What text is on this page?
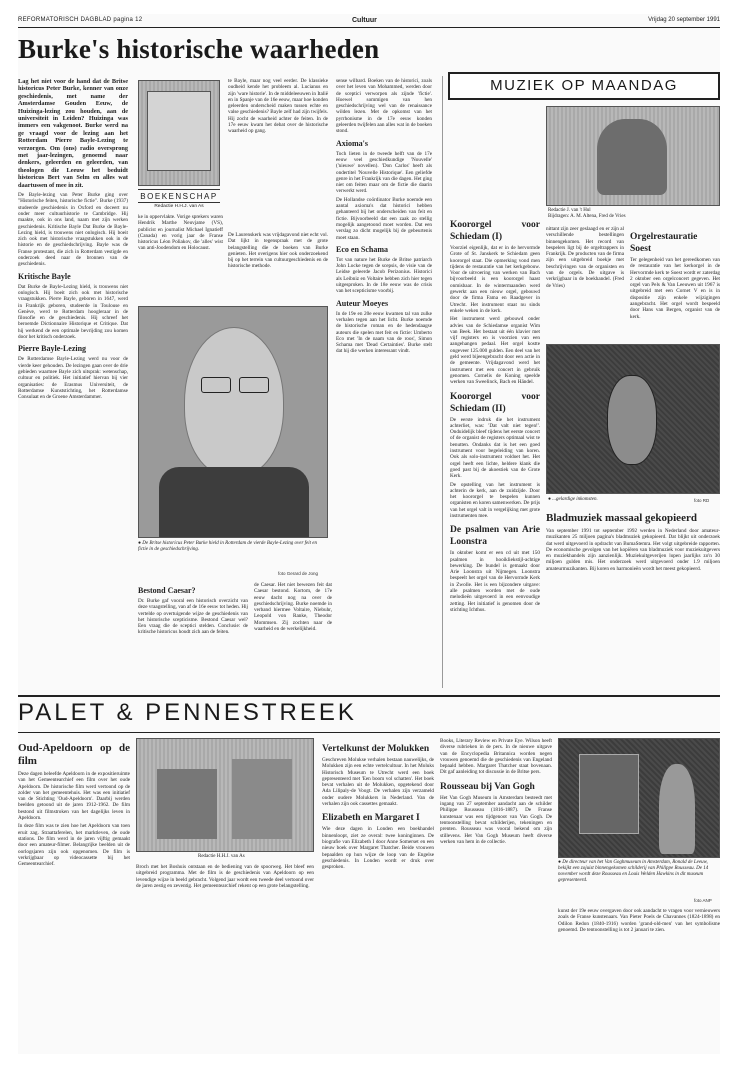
REFORMATORISCH DAGBLAD pagina 12	Cultuur	Vrijdag 20 september 1991
Burke's historische waarheden

Lag het niet voor de hand dat de Britse historicus Peter Burke, kenner van onze geschiedenis, met name der Amsterdamse Gouden Eeuw, de Huizinga-lezing zou houden, aan de universiteit in Leiden? Huizinga was immers een vakgenoot. Burke werd na ge vraagd voor de lezing aan het Rotterdam Pierre Bayle-Lezing te verzorgen. Om (ons) radio oversprong met jaar-lezingen, genoemd naar denkers, geleerden en geleerden, van theologen die Leeuw het beduidt historicus Bert van Selm en alles wat daartussen of mee in zit.

De Bayle-lezing van Peter Burke ging over "Historische feiten, historische fictie". Burke (1937) studeerde geschiedenis in Oxford en doceert nu onder meer cultuurhistorie te Cambridge. Hij maakte, ook in ons land, naam met zijn werken geschiedenis. Kritische Bayle Dat Burke de Bayle-Lezing hield, is trouwens niet onlogisch. Hij boeit zich ook met historische vraagstukken ook in de historie en de geschiedschrijving. Bayle was de Franse protestant, die zich in Rotterdam vestigde en onderzoek deed naar de bronnen van de geschiedenis.

Kritische Bayle

Dat Burke de Bayle-Lezing hield, is trouwens niet onlogisch. Hij boeit zich ook met historische vraagstukken. Pierre Bayle, geboren in 1647, werd in Frankrijk geboren, studeerde in Toulouse en Genève, werd te Rotterdam hoogleraar in de filosofie en de geschiedenis. Hij schreef het beroemde Dictionnaire Historique et Critique. Dat hij werkend de een optimale bevrijding zou komen door het kritisch onderzoek.

Pierre Bayle-Lezing

De Rotterdamse Bayle-Lezing werd nu voor de vierde keer gehouden. De lezingen gaan over de drie gebieden waarmee Bayle zich uitsprak: wetenschap, cultuur en politiek. Het initiatief hiervan bij vier organisaties: de Erasmus Universiteit, de Rotterdamse Kunststichting, het Rotterdamse Consulaat en de Groene Amsterdammer.

BOEKENSCHAP
Redactie H.H.J. van As

te Bayle, maar nog veel eerder. De klassieke oudheid kende het probleem al. Lucianus en zijn 'ware historie'. In de middeleeuwen in Italië en in Spanje van de 16e eeuw, maar hoe konden geleerden onderscheid maken tussen echte en valse geschiedenis? Bayle zelf had zijn twijfels. Hij zocht de waarheid achter de feiten. In de 17e eeuw kwam het debat over de historische waarheid op gang.

ke in oppervlakte. Vorige sprekers waren Hendrik Marthe Neuvjame (VS), publicist en journalist Michael Ignatieff (Canada) en vorig jaar de Franse historicus Léon Poliakov, die 'alles' wist van anti-Joodendom en Holocaust.

De Laurenskerk was vrijdagavond niet echt vol. Dat lijkt in tegenspraak met de grote belangstelling die de boeken van Burke genieten. Het overigens hier ook onderzoekend bij op het terrein van cultuurgeschiedenis en de historische methode.

● De Britse historicus Peter Burke hield in Rotterdam de vierde Bayle-Lezing over feit en fictie in de geschiedschrijving.
foto Gerard de Jong

Bestond Caesar?

Dr. Burke gaf vooral een historisch overzicht van deze vraagstelling, van af de 16e eeuw tot heden. Hij vertelde op overtuigende wijze de geschiedenis van het historische scepticisme. Bestond Caesar wel? Een vraag die de sceptici stelden. Conclusie: de kritische historicus houdt zich aan de feiten.

de Caesar. Het niet bewezen feit dat Caesar bestond. Kortom, de 17e eeuw dacht nog na over de geschiedschrijving. Burke noemde in verband hiermee Voltaire, Niebuhr, Leopold von Ranke, Theodor Mommsen. Zij zochten naar de waarheid en de werkelijkheid.

sense wilbard. Boeken van de historici, zoals over het leven van Mohammed, werden door de sceptici verworpen als zijnde 'fictie'. Hoewel sommigen van hen geschiedschrijving wel van de renaissance wilden lezen. Met de opkomst van het pyrrhonisme in de 17e eeuw konden geleerden twijfelen aan alles wat in de boeken stond.

Axioma's

Toch lieten in de tweede helft van de 17e eeuw veel geschiedkundige 'Nouvelle' ('nieuwe' novellen). 'Don Carlos' heeft als ondertitel 'Nouvelle Historique'. Een geliefde genre in het Frankrijk van die dagen. Het ging niet om feiten maar om de fictie die daarin verwerkt werd.

De Hollandse coördinator Burke noemde een aantal axioma's dat historici hebben gehanteerd bij het onderscheiden van feit en fictie. Bijvoorbeeld dat een zaak zo stellig mogelijk aangetoond moet worden. Dat een verslag zo dicht mogelijk bij de gebeurtenis moet staan.

Eco en Schama

Tot van nature het Burke de Britse patriarch John Locke tegen de scepsis, de visie van de Leidse geleerde Jacob Perizonius. Historici als Leibniz en Voltaire hebben zich hier tegen uitgesproken. In de 18e eeuw was de crisis van het scepticisme voorbij.

Auteur Moeyes

In de 19e en 20e eeuw kwamen tal van zulke verhalen tegen aan het licht. Burke noemde de historische roman en de hedendaagse auteurs die spelen met feit en fictie: Umberto Eco met 'In de naam van de roos', Simon Schama met 'Dead Certainties'. Burke stelt dat hij die werken interessant vindt.

MUZIEK OP MAANDAG
Redactie J. van 't Hul
Bijdragen: A. M. Altena, Fred de Vries

Koororgel voor Schiedam (I)

Voorziel eigenlijk, dat er in de hervormde Grote of St. Janskerk te Schiedam geen koororgel staat. Die opmerking vond men tijdens de restauratie van het kerkgebouw. Voor de uitvoering van werken van Bach bijvoorbeeld is een koororgel haast onmisbaar. In de wintermaanden werd gewerkt aan een nieuw orgel, gebouwd door de firma Fama en Raadgever in Utrecht. Het instrument staat nu sinds enkele weken in de kerk.

Het instrument werd gebouwd onder advies van de Schiedamse organist Wim van Beek. Het bestaat uit één klavier met vijf registers en is voorzien van een aangehangen pedaal. Het orgel kostte ongeveer 125.000 gulden. Een deel van het geld werd bijeengebracht door een actie in de gemeente. Vrijdagavond werd het instrument met een concert in gebruik genomen. Cornelis de Koning speelde werken van Sweelinck, Bach en Händel.

Koororgel voor Schiedam (II)

De eerste indruk die het instrument achterliet, was: 'Dat valt niet tegen!'. Onduidelijk bleef tijdens het eerste concert of de organist de registers optimaal wist te benutten. Ondanks dat is het een goed instrument voor begeleiding van koren. Ook als solo-instrument voldoet het. Het orgel heeft een lichte, heldere klank die goed past bij de akoestiek van de Grote Kerk.

De opstelling van het instrument is achterin de kerk, aan de zuidzijde. Door het koororgel te bespelen kunnen organisten en koren samenwerken. De prijs van het orgel valt in vergelijking met grote instrumenten mee.

De psalmen van Arie Loonstra

In oktober komt er een cd uit met 150 psalmen in hooikliekstijl-achtige bewerking. De bundel is gemaakt door Arie Loonstra uit Nijmegen. Loonstra bespeelt het orgel van de Hervormde Kerk in Zwolle. Het is een bijzondere uitgave: alle psalmen worden met de oude melodieën uitgevoerd in een eenvoudige zetting. Het initiatief is genomen door de stichting Ichthus.

nittant zijn zeer geslaagd en er zijn al verschillende bestellingen binnengekomen. Het record van bespelers ligt bij de orgeltrappers in Frankrijk. De producten van de firma zijn een uitgebreid boekje met beschrijvingen van de organisten en van de orgels. De uitgave is verkrijgbaar in de boekhandel. (Fred de Vries)

Orgelrestauratie Soest

Ter gelegenheid van het gereedkomen van de restauratie van het kerkorgel in de Hervormde kerk te Soest wordt er zaterdag 2 oktober een orgelconcert gegeven. Het orgel van Pels & Van Leeuwen uit 1967 is uitgebreid met een Cornet V en is in dispositie zijn enkele wijzigingen aangebracht. Het orgel wordt bespeeld door Hans van Bergen, organist van de kerk.

● ...gelardige inkomsten.	foto RD

Bladmuziek massaal gekopieerd

Van september 1991 tot september 1992 werden in Nederland door amateur-muzikanten 25 miljoen pagina's bladmuziek gekopieerd. Dat blijkt uit onderzoek dat werd uitgevoerd in opdracht van BumaStemra. Het volgt uitgebreide rapporten. De economische gevolgen van het kopiëren van bladmuziek voor muziekuitgevers en muziekhandels zijn aanzienlijk. Muziekuitgeverijen lopen jaarlijks zo'n 30 miljoen gulden mis. Het onderzoek werd uitgevoerd onder 1.9 miljoen amateurmuzikanten. Bij koren en harmonieën wordt het meest gekopieerd.

PALET & PENNESTREEK

Oud-Apeldoorn op de film

Deze dagen beleefde Apeldoorn in de expositieruimte van het Gemeentearchief een film over het oude Apeldoorn. De historische film werd vertoond op de zolder van het gemeentehuis. Het was een initiatief van de Stichting 'Oud-Apeldoorn'. Daarbij werden beelden getoond uit de jaren 1912-1962. De film bestond uit filmstroken van het dagelijks leven in Apeldoorn.

In deze film was te zien hoe het Apeldoorn van toen eruit zag. Straattaferelen, het marktleven, de oude stations. De film werd in de jaren vijftig gemaakt door een amateur-filmer. Belangrijke beelden uit de oorlogsjaren zijn ook opgenomen. De film is verkrijgbaar op videocassette bij het Gemeentearchief.

Redactie H.H.J. van As

Broch met het Boshuis ontstaan en de bediening van de spoorweg. Het bleef een uitgebreid programma. Met de film is de geschiedenis van Apeldoorn op een levendige wijze in beeld gebracht. Volgend jaar wordt een tweede deel vertoond over de jaren zestig en zeventig. Het gemeentearchief rekent op een grote belangstelling.

Vertelkunst der Molukken

Geschreven Molukse verhalen bestaan nauwelijks, de Molukken zijn een echte vertelcultuur. In het Moluks Historisch Museum te Utrecht werd een boek gepresenteerd met 'Een boom vol schatten'. Het boek bevat verhalen uit de Molukken, opgetekend door Ada Lilipaly-de Voogt. De verhalen zijn verzameld onder oudere Molukkers in Nederland. Van de verhalen zijn ook cassettes gemaakt.

Elizabeth en Margaret I

Wie deze dagen in Londen een boekhandel binnenloopt, ziet ze overal: twee koninginnen. De biografie van Elizabeth I door Anne Somerset en een nieuw boek over Margaret Thatcher. Beide vrouwen bepaalden op hun wijze de loop van de Engelse geschiedenis. In Londen wordt er druk over gesproken.

Books, Literary Review en Private Eye. Wilson heeft diverse rubrieken in de pers. In de nieuwe uitgave van de Encyclopedia Britannica worden negen vrouwen genoemd die de geschiedenis van Engeland bepaald hebben. Margaret Thatcher staat bovenaan. Dit gaf aanleiding tot discussie in de Britse pers.

Rousseau bij Van Gogh

Het Van Gogh Museum in Amsterdam besteedt met ingang van 27 september aandacht aan de schilder Philippe Rousseau (1816-1887). De Franse kunstenaar was een tijdgenoot van Van Gogh. De tentoonstelling bevat schilderijen, tekeningen en prenten. Rousseau was vooral bekend om zijn stillevens. Het Van Gogh Museum heeft diverse werken van hem in de collectie.

● De directeur van het Van Goghmuseum in Amsterdam, Ronald de Leeuw, bekijkt een zojuist binnengekomen schilderij van Philippe Rousseau. De 14 november wordt deze Rousseau en Louis Welden Hawkins in dit museum gepresenteerd.
foto ANP

kunst der 19e eeuw overgaven door ook aandacht te vragen voor vernieuwers zoals de Franse kunstenaars. Van Pieter Poels de Chavannes (1824-1898) en Odilon Redon (1840-1916) worden 'grand-old-men' van het symbolisme genoemd. De tentoonstelling is tot 2 januari te zien.
